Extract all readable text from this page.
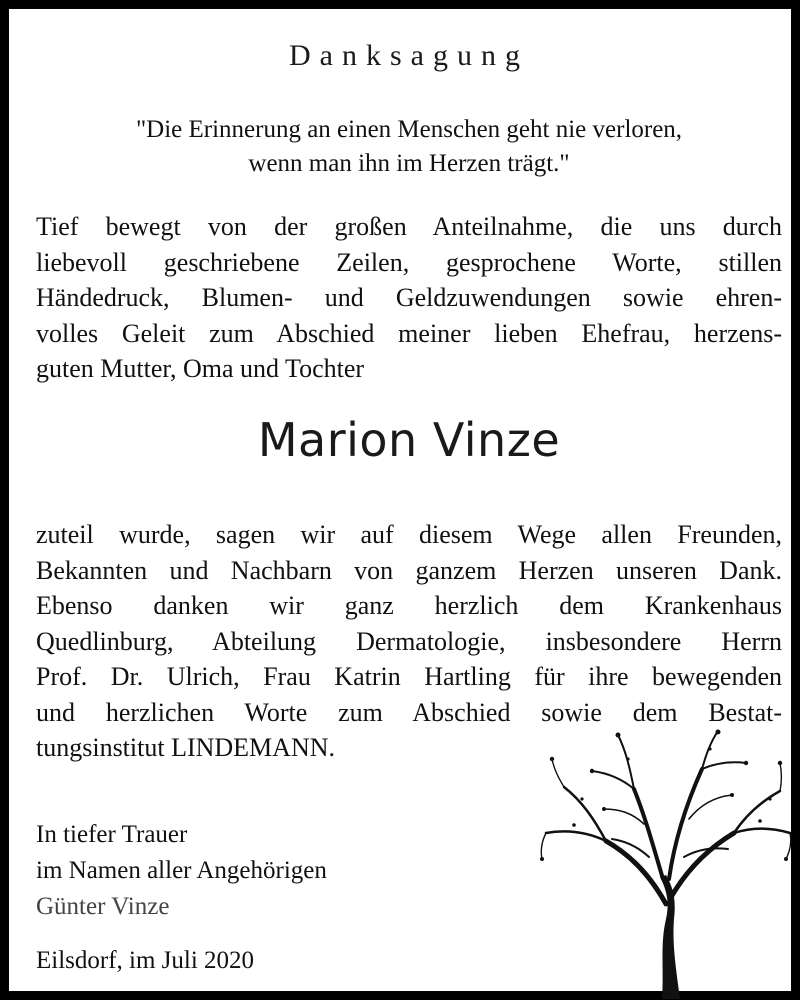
Danksagung
"Die Erinnerung an einen Menschen geht nie verloren,
wenn man ihn im Herzen trägt."
Tief bewegt von der großen Anteilnahme, die uns durch
liebevoll geschriebene Zeilen, gesprochene Worte, stillen
Händedruck, Blumen- und Geldzuwendungen sowie ehren-
volles Geleit zum Abschied meiner lieben Ehefrau, herzens-
guten Mutter, Oma und Tochter
Marion Vinze
zuteil wurde, sagen wir auf diesem Wege allen Freunden,
Bekannten und Nachbarn von ganzem Herzen unseren Dank.
Ebenso danken wir ganz herzlich dem Krankenhaus
Quedlinburg, Abteilung Dermatologie, insbesondere Herrn
Prof. Dr. Ulrich, Frau Katrin Hartling für ihre bewegenden
und herzlichen Worte zum Abschied sowie dem Bestat-
tungsinstitut LINDEMANN.
In tiefer Trauer
im Namen aller Angehörigen
Günter Vinze
Eilsdorf, im Juli 2020
